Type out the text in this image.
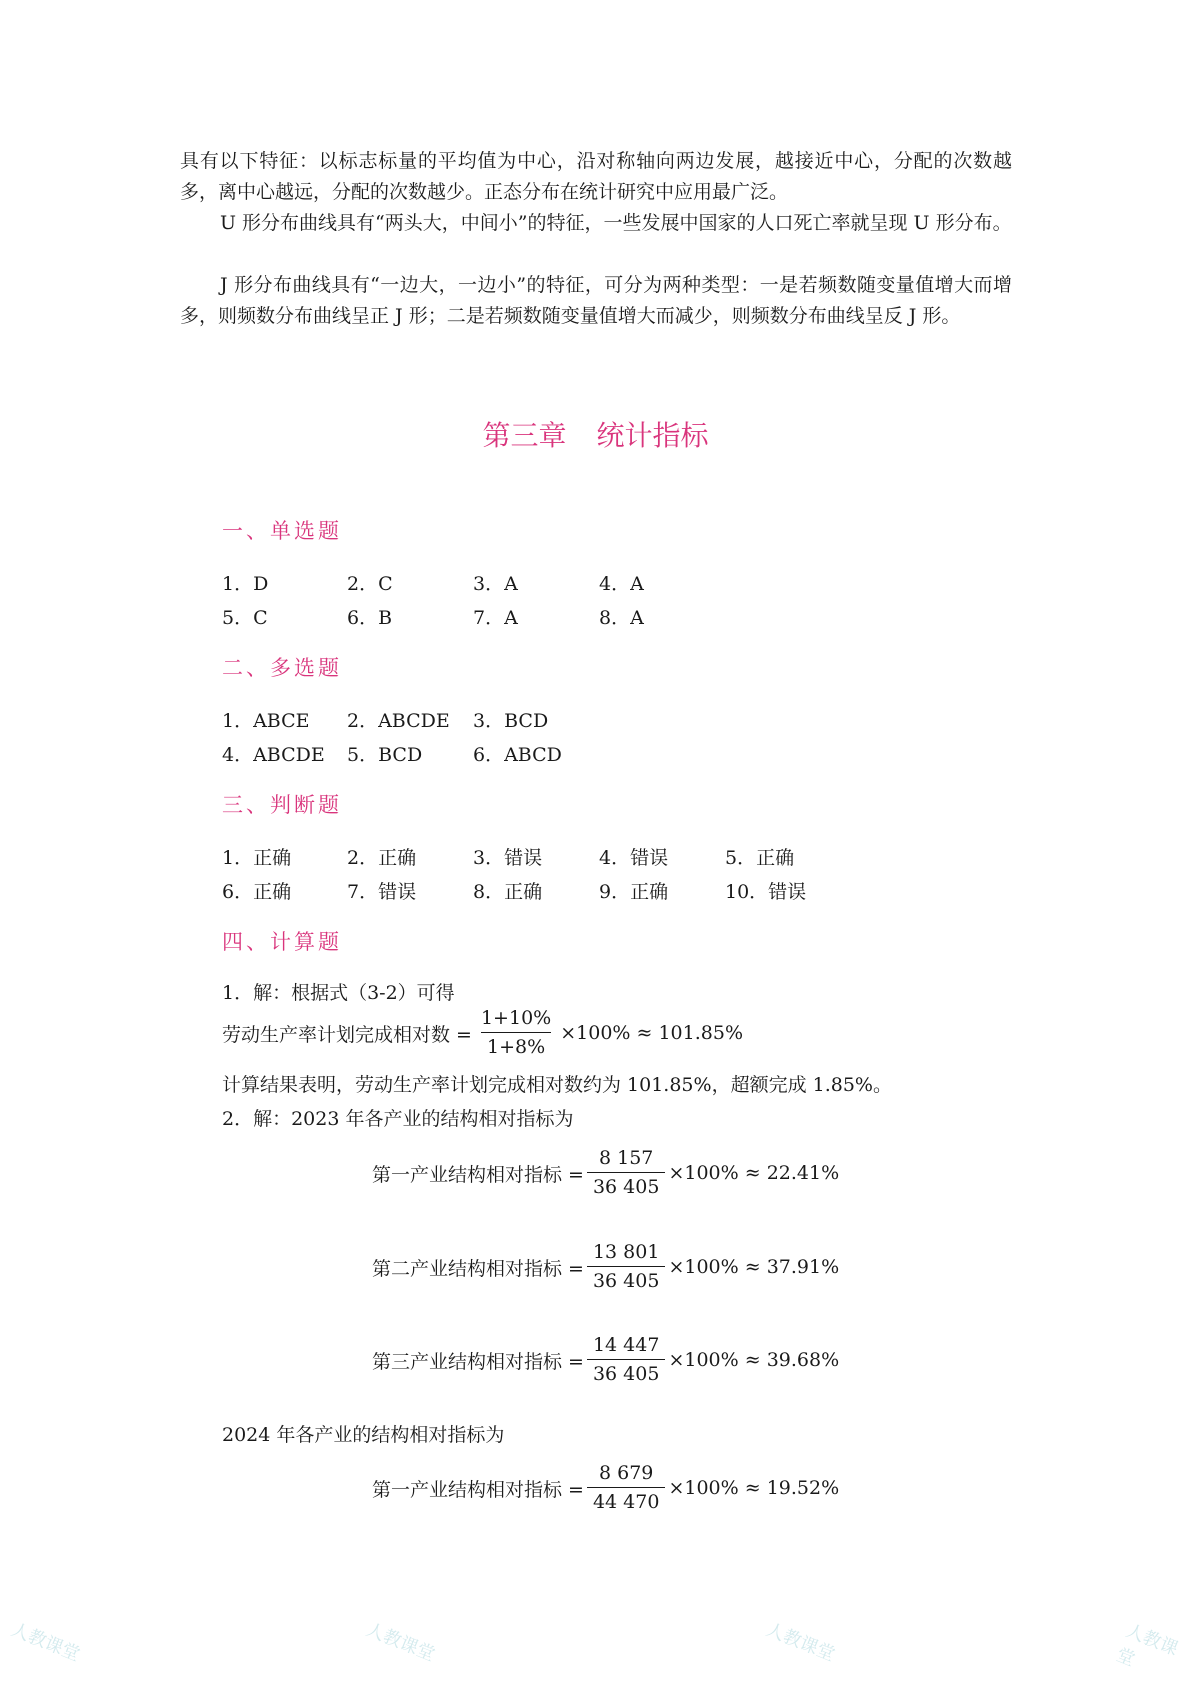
具有以下特征：以标志标量的平均值为中心，沿对称轴向两边发展，越接近中心，分配的次数越多，离中心越远，分配的次数越少。正态分布在统计研究中应用最广泛。

U 形分布曲线具有“两头大，中间小”的特征，一些发展中国家的人口死亡率就呈现 U 形分布。

J 形分布曲线具有“一边大，一边小”的特征，可分为两种类型：一是若频数随变量值增大而增多，则频数分布曲线呈正 J 形；二是若频数随变量值增大而减少，则频数分布曲线呈反 J 形。

第三章 统计指标
一、单选题
1．D	2．C	3．A	4．A
5．C	6．B	7．A	8．A
二、多选题
1．ABCE 2．ABCDE 3．BCD
4．ABCDE 5．BCD	6．ABCD
三、判断题
1．正确	2．正确	3．错误	4．错误	5．正确
6．正确	7．错误	8．正确	9．正确	10．错误
四、计算题

1．解：根据式（3-2）可得

劳动生产率计划完成相对数 = $\frac{1+10\%}{1+8\%} \times 100\% \approx 101.85\%$

计算结果表明，劳动生产率计划完成相对数约为 101.85%，超额完成 1.85%。

2．解：2023 年各产业的结构相对指标为

第一产业结构相对指标 = $\frac{8 157}{36 405} \times 100\% \approx 22.41\%$
第二产业结构相对指标 = $\frac{13 801}{36 405} \times 100\% \approx 37.91\%$
第三产业结构相对指标 = $\frac{14 447}{36 405} \times 100\% \approx 39.68\%$

2024 年各产业的结构相对指标为

第一产业结构相对指标 = $\frac{8 679}{44 470} \times 100\% \approx 19.52\%$
人教课堂	人教课堂	人教课堂	人教课堂
